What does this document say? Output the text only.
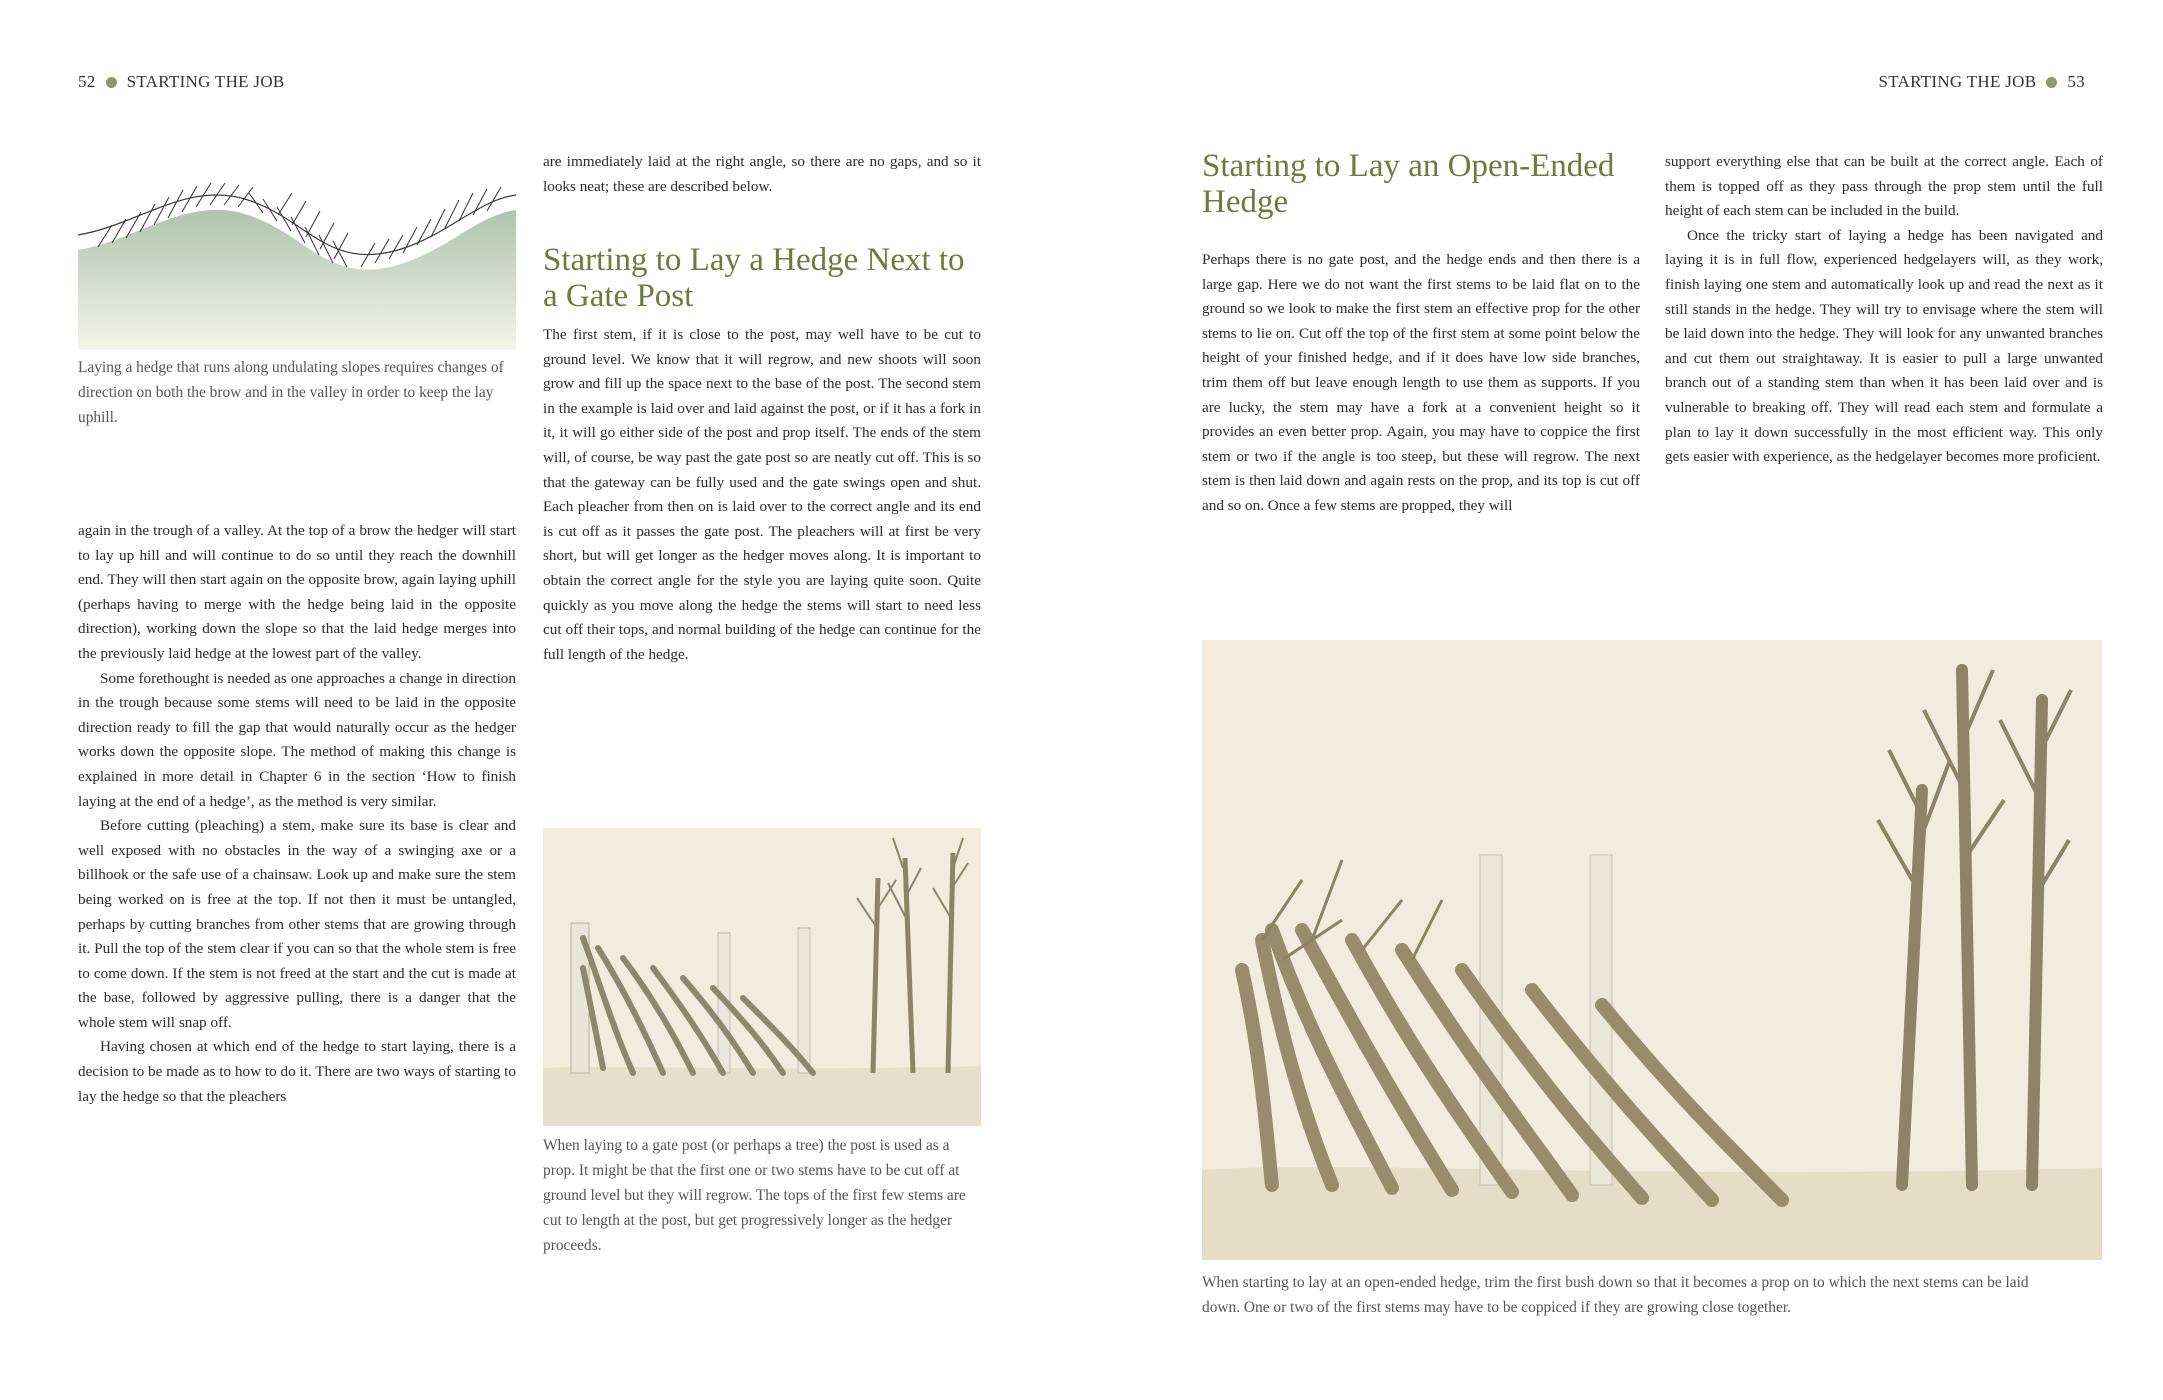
52 STARTING THE JOB
Laying a hedge that runs along undulating slopes requires changes of direction on both the brow and in the valley in order to keep the lay uphill.

again in the trough of a valley. At the top of a brow the hedger will start to lay up hill and will continue to do so until they reach the downhill end. They will then start again on the opposite brow, again laying uphill (perhaps having to merge with the hedge being laid in the opposite direction), working down the slope so that the laid hedge merges into the previously laid hedge at the lowest part of the valley.

Some forethought is needed as one approaches a change in direction in the trough because some stems will need to be laid in the opposite direction ready to fill the gap that would naturally occur as the hedger works down the opposite slope. The method of making this change is explained in more detail in Chapter 6 in the section ‘How to finish laying at the end of a hedge’, as the method is very similar.

Before cutting (pleaching) a stem, make sure its base is clear and well exposed with no obstacles in the way of a swinging axe or a billhook or the safe use of a chainsaw. Look up and make sure the stem being worked on is free at the top. If not then it must be untangled, perhaps by cutting branches from other stems that are growing through it. Pull the top of the stem clear if you can so that the whole stem is free to come down. If the stem is not freed at the start and the cut is made at the base, followed by aggressive pulling, there is a danger that the whole stem will snap off.

Having chosen at which end of the hedge to start laying, there is a decision to be made as to how to do it. There are two ways of starting to lay the hedge so that the pleachers

are immediately laid at the right angle, so there are no gaps, and so it looks neat; these are described below.

Starting to Lay a Hedge Next to a Gate Post

The first stem, if it is close to the post, may well have to be cut to ground level. We know that it will regrow, and new shoots will soon grow and fill up the space next to the base of the post. The second stem in the example is laid over and laid against the post, or if it has a fork in it, it will go either side of the post and prop itself. The ends of the stem will, of course, be way past the gate post so are neatly cut off. This is so that the gateway can be fully used and the gate swings open and shut. Each pleacher from then on is laid over to the correct angle and its end is cut off as it passes the gate post. The pleachers will at first be very short, but will get longer as the hedger moves along. It is important to obtain the correct angle for the style you are laying quite soon. Quite quickly as you move along the hedge the stems will start to need less cut off their tops, and normal building of the hedge can continue for the full length of the hedge.

When laying to a gate post (or perhaps a tree) the post is used as a prop. It might be that the first one or two stems have to be cut off at ground level but they will regrow. The tops of the first few stems are cut to length at the post, but get progressively longer as the hedger proceeds.
STARTING THE JOB 53
Starting to Lay an Open-Ended Hedge

Perhaps there is no gate post, and the hedge ends and then there is a large gap. Here we do not want the first stems to be laid flat on to the ground so we look to make the first stem an effective prop for the other stems to lie on. Cut off the top of the first stem at some point below the height of your finished hedge, and if it does have low side branches, trim them off but leave enough length to use them as supports. If you are lucky, the stem may have a fork at a convenient height so it provides an even better prop. Again, you may have to coppice the first stem or two if the angle is too steep, but these will regrow. The next stem is then laid down and again rests on the prop, and its top is cut off and so on. Once a few stems are propped, they will

support everything else that can be built at the correct angle. Each of them is topped off as they pass through the prop stem until the full height of each stem can be included in the build.

Once the tricky start of laying a hedge has been navigated and laying it is in full flow, experienced hedgelayers will, as they work, finish laying one stem and automatically look up and read the next as it still stands in the hedge. They will try to envisage where the stem will be laid down into the hedge. They will look for any unwanted branches and cut them out straightaway. It is easier to pull a large unwanted branch out of a standing stem than when it has been laid over and is vulnerable to breaking off. They will read each stem and formulate a plan to lay it down successfully in the most efficient way. This only gets easier with experience, as the hedgelayer becomes more proficient.

When starting to lay at an open-ended hedge, trim the first bush down so that it becomes a prop on to which the next stems can be laid down. One or two of the first stems may have to be coppiced if they are growing close together.
